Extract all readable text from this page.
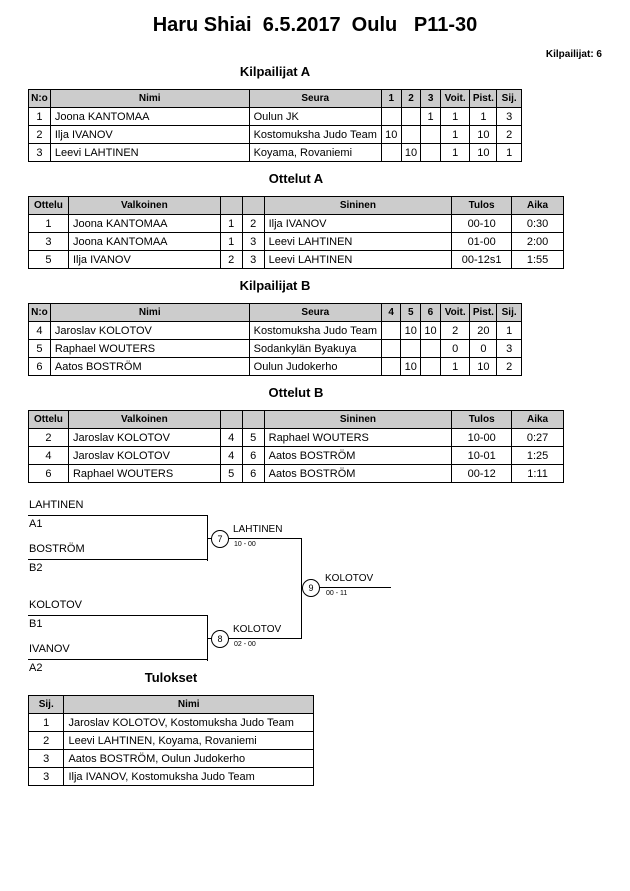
Haru Shiai  6.5.2017  Oulu   P11-30
Kilpailijat: 6
Kilpailijat A
N:o	Nimi	Seura	1	2	3	Voit.	Pist.	Sij.
1	Joona KANTOMAA	Oulun JK			1	1	1	3
2	Ilja IVANOV	Kostomuksha Judo Team	10			1	10	2
3	Leevi LAHTINEN	Koyama, Rovaniemi		10		1	10	1
Ottelut A
Ottelu	Valkoinen			Sininen	Tulos	Aika
1	Joona KANTOMAA	1	2	Ilja IVANOV	00-10	0:30
3	Joona KANTOMAA	1	3	Leevi LAHTINEN	01-00	2:00
5	Ilja IVANOV	2	3	Leevi LAHTINEN	00-12s1	1:55
Kilpailijat B
N:o	Nimi	Seura	4	5	6	Voit.	Pist.	Sij.
4	Jaroslav KOLOTOV	Kostomuksha Judo Team		10	10	2	20	1
5	Raphael WOUTERS	Sodankylän Byakuya				0	0	3
6	Aatos BOSTRÖM	Oulun Judokerho		10		1	10	2
Ottelut B
Ottelu	Valkoinen			Sininen	Tulos	Aika
2	Jaroslav KOLOTOV	4	5	Raphael WOUTERS	10-00	0:27
4	Jaroslav KOLOTOV	4	6	Aatos BOSTRÖM	10-01	1:25
6	Raphael WOUTERS	5	6	Aatos BOSTRÖM	00-12	1:11
LAHTINEN
A1
BOSTRÖM
B2
KOLOTOV
B1
IVANOV
A2
7
LAHTINEN
10 - 00
8
KOLOTOV
02 - 00
9
KOLOTOV
00 - 11
Tulokset
Sij.	Nimi
1	Jaroslav KOLOTOV, Kostomuksha Judo Team
2	Leevi LAHTINEN, Koyama, Rovaniemi
3	Aatos BOSTRÖM, Oulun Judokerho
3	Ilja IVANOV, Kostomuksha Judo Team
